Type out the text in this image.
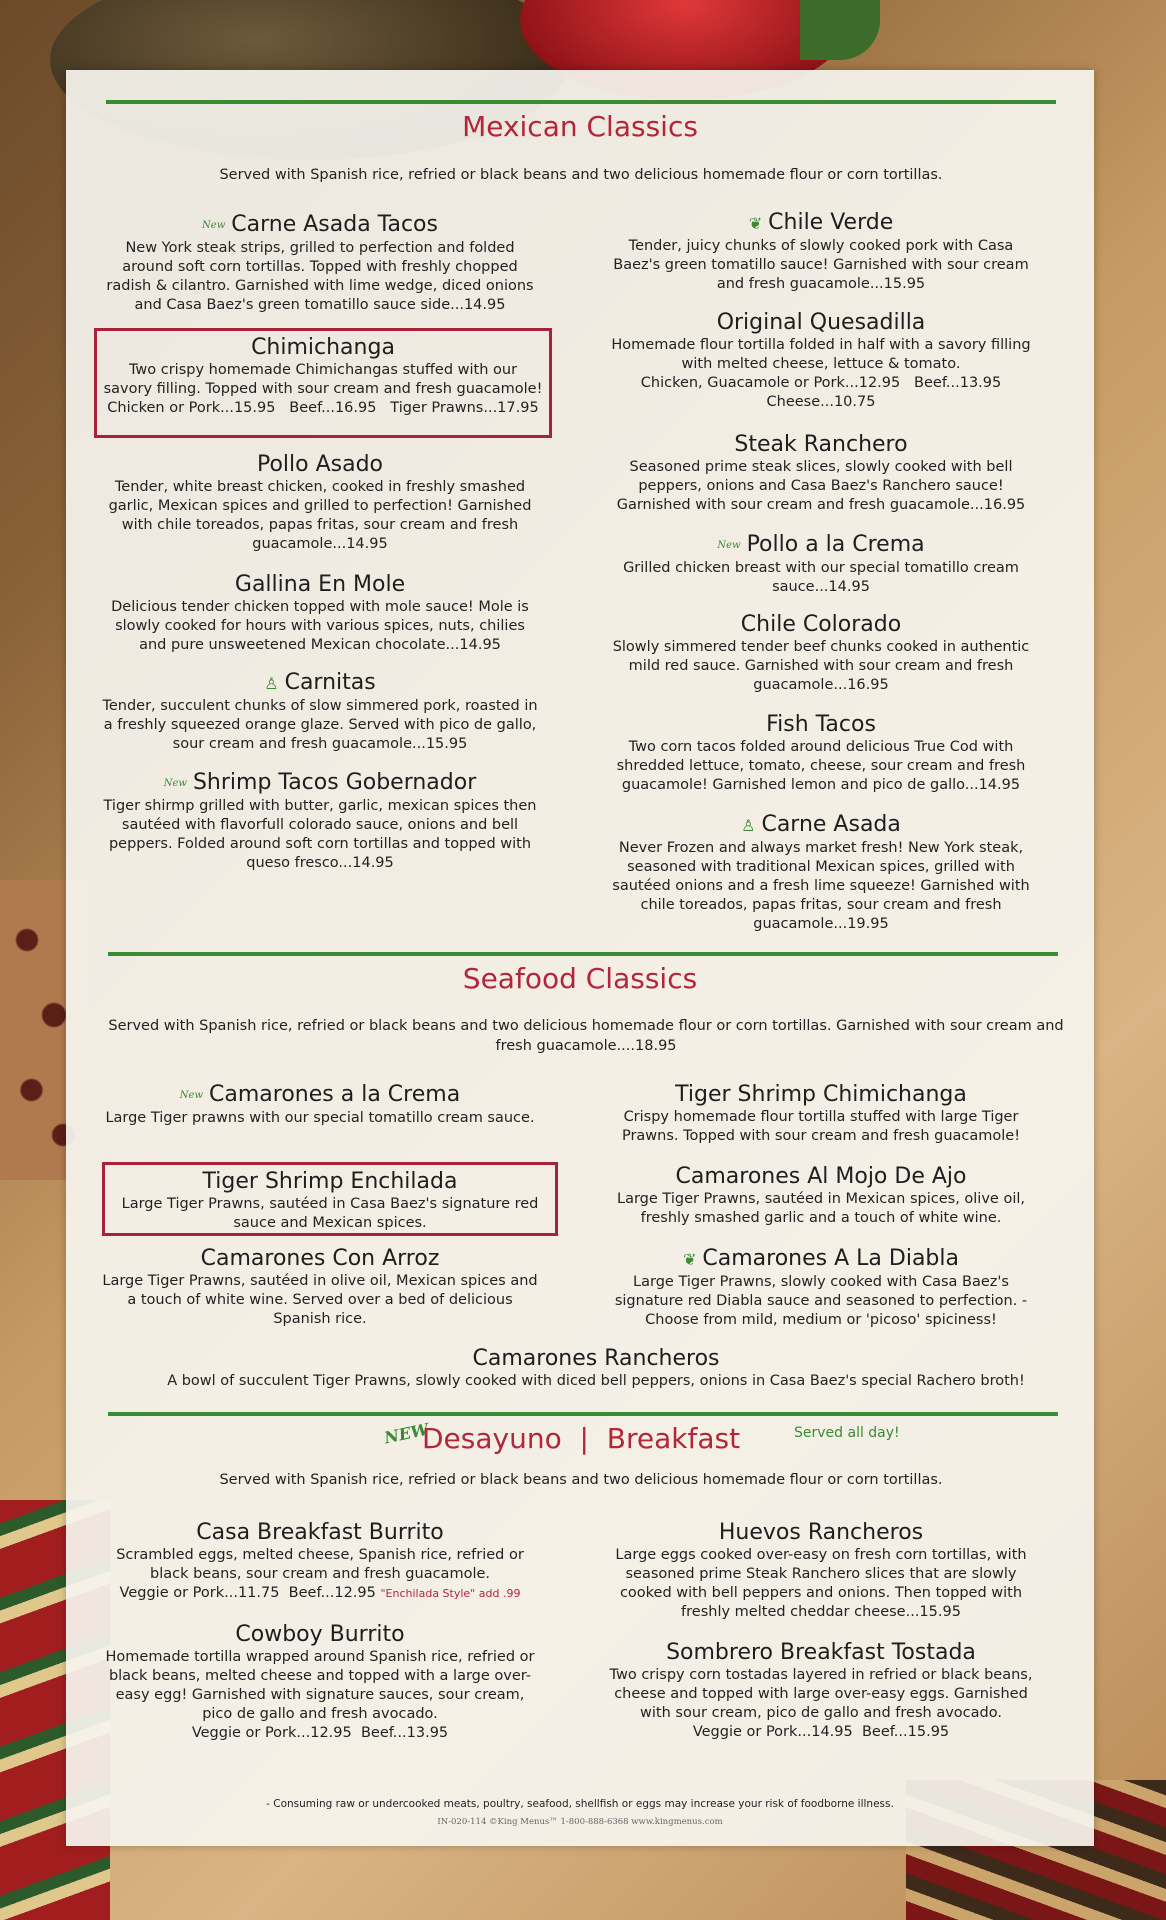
Mexican Classics
Served with Spanish rice, refried or black beans and two delicious homemade flour or corn tortillas.
New Carne Asada Tacos
New York steak strips, grilled to perfection and folded around soft corn tortillas. Topped with freshly chopped radish & cilantro. Garnished with lime wedge, diced onions and Casa Baez's green tomatillo sauce side...14.95
Chimichanga
Two crispy homemade Chimichangas stuffed with our savory filling. Topped with sour cream and fresh guacamole!
Chicken or Pork...15.95   Beef...16.95   Tiger Prawns...17.95
Pollo Asado
Tender, white breast chicken, cooked in freshly smashed garlic, Mexican spices and grilled to perfection! Garnished with chile toreados, papas fritas, sour cream and fresh guacamole...14.95
Gallina En Mole
Delicious tender chicken topped with mole sauce! Mole is slowly cooked for hours with various spices, nuts, chilies and pure unsweetened Mexican chocolate...14.95
♙ Carnitas
Tender, succulent chunks of slow simmered pork, roasted in a freshly squeezed orange glaze. Served with pico de gallo, sour cream and fresh guacamole...15.95
New Shrimp Tacos Gobernador
Tiger shirmp grilled with butter, garlic, mexican spices then sautéed with flavorfull colorado sauce, onions and bell peppers. Folded around soft corn tortillas and topped with queso fresco...14.95
❦ Chile Verde
Tender, juicy chunks of slowly cooked pork with Casa Baez's green tomatillo sauce! Garnished with sour cream and fresh guacamole...15.95
Original Quesadilla
Homemade flour tortilla folded in half with a savory filling with melted cheese, lettuce & tomato.
Chicken, Guacamole or Pork...12.95   Beef...13.95
Cheese...10.75
Steak Ranchero
Seasoned prime steak slices, slowly cooked with bell peppers, onions and Casa Baez's Ranchero sauce! Garnished with sour cream and fresh guacamole...16.95
New Pollo a la Crema
Grilled chicken breast with our special tomatillo cream sauce...14.95
Chile Colorado
Slowly simmered tender beef chunks cooked in authentic mild red sauce. Garnished with sour cream and fresh guacamole...16.95
Fish Tacos
Two corn tacos folded around delicious True Cod with shredded lettuce, tomato, cheese, sour cream and fresh guacamole! Garnished lemon and pico de gallo...14.95
♙ Carne Asada
Never Frozen and always market fresh! New York steak, seasoned with traditional Mexican spices, grilled with sautéed onions and a fresh lime squeeze! Garnished with chile toreados, papas fritas, sour cream and fresh guacamole...19.95
Seafood Classics
Served with Spanish rice, refried or black beans and two delicious homemade flour or corn tortillas. Garnished with sour cream and fresh guacamole....18.95
New Camarones a la Crema
Large Tiger prawns with our special tomatillo cream sauce.
Tiger Shrimp Enchilada
Large Tiger Prawns, sautéed in Casa Baez's signature red sauce and Mexican spices.
Camarones Con Arroz
Large Tiger Prawns, sautéed in olive oil, Mexican spices and a touch of white wine. Served over a bed of delicious Spanish rice.
Tiger Shrimp Chimichanga
Crispy homemade flour tortilla stuffed with large Tiger Prawns. Topped with sour cream and fresh guacamole!
Camarones Al Mojo De Ajo
Large Tiger Prawns, sautéed in Mexican spices, olive oil, freshly smashed garlic and a touch of white wine.
❦ Camarones A La Diabla
Large Tiger Prawns, slowly cooked with Casa Baez's signature red Diabla sauce and seasoned to perfection. -Choose from mild, medium or 'picoso' spiciness!
Camarones Rancheros
A bowl of succulent Tiger Prawns, slowly cooked with diced bell peppers, onions in Casa Baez's special Rachero broth!
NEW
Desayuno  |  Breakfast	Served all day!
Served with Spanish rice, refried or black beans and two delicious homemade flour or corn tortillas.
Casa Breakfast Burrito
Scrambled eggs, melted cheese, Spanish rice, refried or black beans, sour cream and fresh guacamole.
Veggie or Pork...11.75  Beef...12.95 "Enchilada Style" add .99
Cowboy Burrito
Homemade tortilla wrapped around Spanish rice, refried or black beans, melted cheese and topped with a large over-easy egg! Garnished with signature sauces, sour cream, pico de gallo and fresh avocado.
Veggie or Pork...12.95  Beef...13.95
Huevos Rancheros
Large eggs cooked over-easy on fresh corn tortillas, with seasoned prime Steak Ranchero slices that are slowly cooked with bell peppers and onions. Then topped with freshly melted cheddar cheese...15.95
Sombrero Breakfast Tostada
Two crispy corn tostadas layered in refried or black beans, cheese and topped with large over-easy eggs. Garnished with sour cream, pico de gallo and fresh avocado.
Veggie or Pork...14.95  Beef...15.95
- Consuming raw or undercooked meats, poultry, seafood, shellfish or eggs may increase your risk of foodborne illness.
IN-020-114 ©King Menus™ 1-800-888-6368 www.kingmenus.com
